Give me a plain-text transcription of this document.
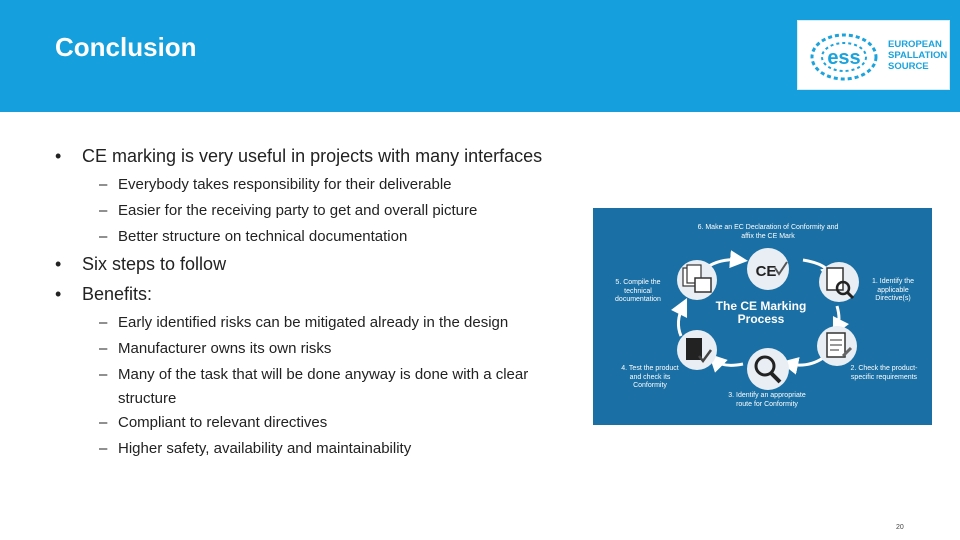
Conclusion	ess
EUROPEAN
SPALLATION
SOURCE
• CE marking is very useful in projects with many interfaces
– Everybody takes responsibility for their deliverable
– Easier for the receiving party to get and overall picture
– Better structure on technical documentation
• Six steps to follow
• Benefits:
– Early identified risks can be mitigated already in the design
– Manufacturer owns its own risks
– Many of the task that will be done anyway is done with a clear structure
– Compliant to relevant directives
– Higher safety, availability and maintainability
CE
The CE Marking Process
6. Make an EC Declaration of Conformity and affix the CE Mark
1. Identify the applicable Directive(s)
2. Check the product-specific requirements
3. Identify an appropriate route for Conformity
4. Test the product and check its Conformity
5. Compile the technical documentation
20
